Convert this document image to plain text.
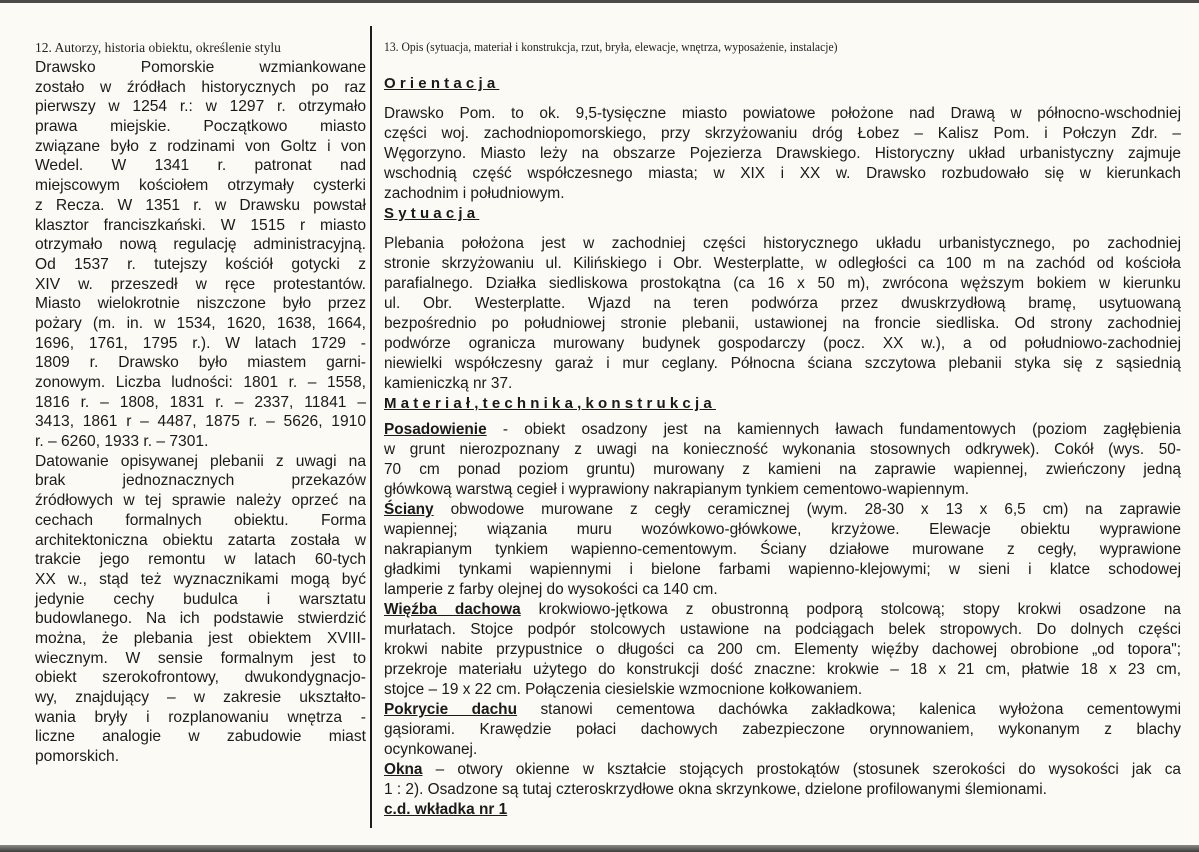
12. Autorzy, historia obiektu, określenie stylu
Drawsko Pomorskie wzmiankowane
zostało w źródłach historycznych po raz
pierwszy w 1254 r.: w 1297 r. otrzymało
prawa miejskie. Początkowo miasto
związane było z rodzinami von Goltz i von
Wedel. W 1341 r. patronat nad
miejscowym kościołem otrzymały cysterki
z Recza. W 1351 r. w Drawsku powstał
klasztor franciszkański. W 1515 r miasto
otrzymało nową regulację administracyjną.
Od 1537 r. tutejszy kościół gotycki z
XIV w. przeszedł w ręce protestantów.
Miasto wielokrotnie niszczone było przez
pożary (m. in. w 1534, 1620, 1638, 1664,
1696, 1761, 1795 r.). W latach 1729 -
1809 r. Drawsko było miastem garni-
zonowym. Liczba ludności: 1801 r. – 1558,
1816 r. – 1808, 1831 r. – 2337, 11841 –
3413, 1861 r – 4487, 1875 r. – 5626, 1910
r. – 6260, 1933 r. – 7301.
Datowanie opisywanej plebanii z uwagi na
brak jednoznacznych przekazów
źródłowych w tej sprawie należy oprzeć na
cechach formalnych obiektu. Forma
architektoniczna obiektu zatarta została w
trakcie jego remontu w latach 60-tych
XX w., stąd też wyznacznikami mogą być
jedynie cechy budulca i warsztatu
budowlanego. Na ich podstawie stwierdzić
można, że plebania jest obiektem XVIII-
wiecznym. W sensie formalnym jest to
obiekt szerokofrontowy, dwukondygnacjo-
wy, znajdujący – w zakresie ukształto-
wania bryły i rozplanowaniu wnętrza -
liczne analogie w zabudowie miast
pomorskich.
13. Opis (sytuacja, materiał i konstrukcja, rzut, bryła, elewacje, wnętrza, wyposażenie, instalacje)
Orientacja
Drawsko Pom. to ok. 9,5-tysięczne miasto powiatowe położone nad Drawą w północno-wschodniej
części woj. zachodniopomorskiego, przy skrzyżowaniu dróg Łobez – Kalisz Pom. i Połczyn Zdr. –
Węgorzyno. Miasto leży na obszarze Pojezierza Drawskiego. Historyczny układ urbanistyczny zajmuje
wschodnią część współczesnego miasta; w XIX i XX w. Drawsko rozbudowało się w kierunkach
zachodnim i południowym.
Sytuacja
Plebania położona jest w zachodniej części historycznego układu urbanistycznego, po zachodniej
stronie skrzyżowaniu ul. Kilińskiego i Obr. Westerplatte, w odległości ca 100 m na zachód od kościoła
parafialnego. Działka siedliskowa prostokątna (ca 16 x 50 m), zwrócona węższym bokiem w kierunku
ul. Obr. Westerplatte. Wjazd na teren podwórza przez dwuskrzydłową bramę, usytuowaną
bezpośrednio po południowej stronie plebanii, ustawionej na froncie siedliska. Od strony zachodniej
podwórze ogranicza murowany budynek gospodarczy (pocz. XX w.), a od południowo-zachodniej
niewielki współczesny garaż i mur ceglany. Północna ściana szczytowa plebanii styka się z sąsiednią
kamieniczką nr 37.
Materiał,technika,konstrukcja
Posadowienie - obiekt osadzony jest na kamiennych ławach fundamentowych (poziom zagłębienia
w grunt nierozpoznany z uwagi na konieczność wykonania stosownych odkrywek). Cokół (wys. 50-
70 cm ponad poziom gruntu) murowany z kamieni na zaprawie wapiennej, zwieńczony jedną
główkową warstwą cegieł i wyprawiony nakrapianym tynkiem cementowo-wapiennym.
Ściany obwodowe murowane z cegły ceramicznej (wym. 28-30 x 13 x 6,5 cm) na zaprawie
wapiennej; wiązania muru wozówkowo-główkowe, krzyżowe. Elewacje obiektu wyprawione
nakrapianym tynkiem wapienno-cementowym. Ściany działowe murowane z cegły, wyprawione
gładkimi tynkami wapiennymi i bielone farbami wapienno-klejowymi; w sieni i klatce schodowej
lamperie z farby olejnej do wysokości ca 140 cm.
Więźba dachowa krokwiowo-jętkowa z obustronną podporą stolcową; stopy krokwi osadzone na
murłatach. Stojce podpór stolcowych ustawione na podciągach belek stropowych. Do dolnych części
krokwi nabite przypustnice o długości ca 200 cm. Elementy więźby dachowej obrobione „od topora";
przekroje materiału użytego do konstrukcji dość znaczne: krokwie – 18 x 21 cm, płatwie 18 x 23 cm,
stojce – 19 x 22 cm. Połączenia ciesielskie wzmocnione kołkowaniem.
Pokrycie dachu stanowi cementowa dachówka zakładkowa; kalenica wyłożona cementowymi
gąsiorami. Krawędzie połaci dachowych zabezpieczone orynnowaniem, wykonanym z blachy
ocynkowanej.
Okna – otwory okienne w kształcie stojących prostokątów (stosunek szerokości do wysokości jak ca
1 : 2). Osadzone są tutaj czteroskrzydłowe okna skrzynkowe, dzielone profilowanymi ślemionami.
c.d. wkładka nr 1
